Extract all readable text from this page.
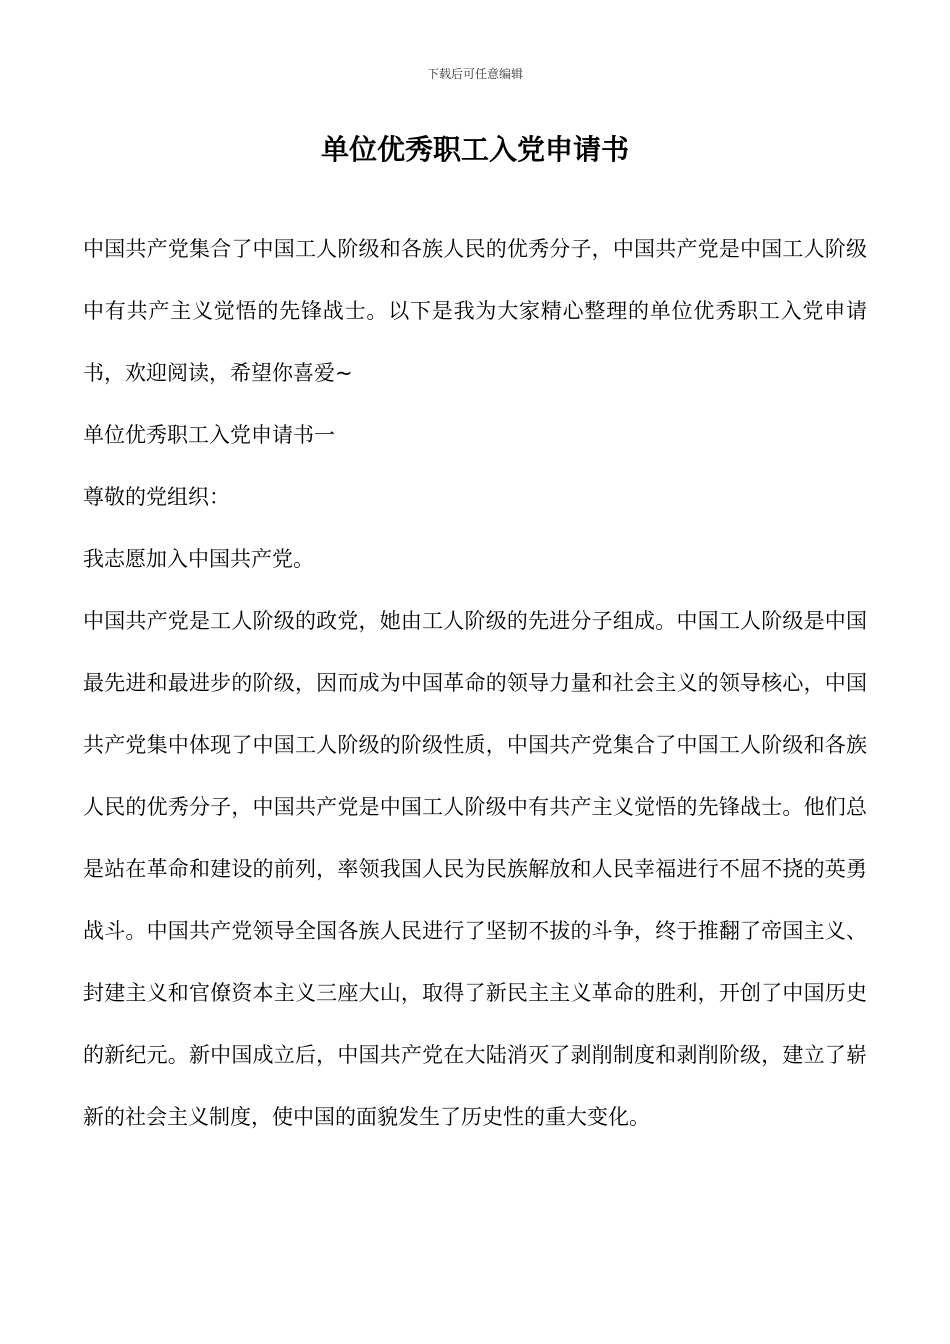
下载后可任意编辑
单位优秀职工入党申请书

中国共产党集合了中国工人阶级和各族人民的优秀分子，中国共产党是中国工人阶级中有共产主义觉悟的先锋战士。以下是我为大家精心整理的单位优秀职工入党申请书，欢迎阅读，希望你喜爱~

单位优秀职工入党申请书一

尊敬的党组织：

我志愿加入中国共产党。

中国共产党是工人阶级的政党，她由工人阶级的先进分子组成。中国工人阶级是中国最先进和最进步的阶级，因而成为中国革命的领导力量和社会主义的领导核心，中国共产党集中体现了中国工人阶级的阶级性质，中国共产党集合了中国工人阶级和各族人民的优秀分子，中国共产党是中国工人阶级中有共产主义觉悟的先锋战士。他们总是站在革命和建设的前列，率领我国人民为民族解放和人民幸福进行不屈不挠的英勇战斗。中国共产党领导全国各族人民进行了坚韧不拔的斗争，终于推翻了帝国主义、封建主义和官僚资本主义三座大山，取得了新民主主义革命的胜利，开创了中国历史的新纪元。新中国成立后，中国共产党在大陆消灭了剥削制度和剥削阶级，建立了崭新的社会主义制度，使中国的面貌发生了历史性的重大变化。
